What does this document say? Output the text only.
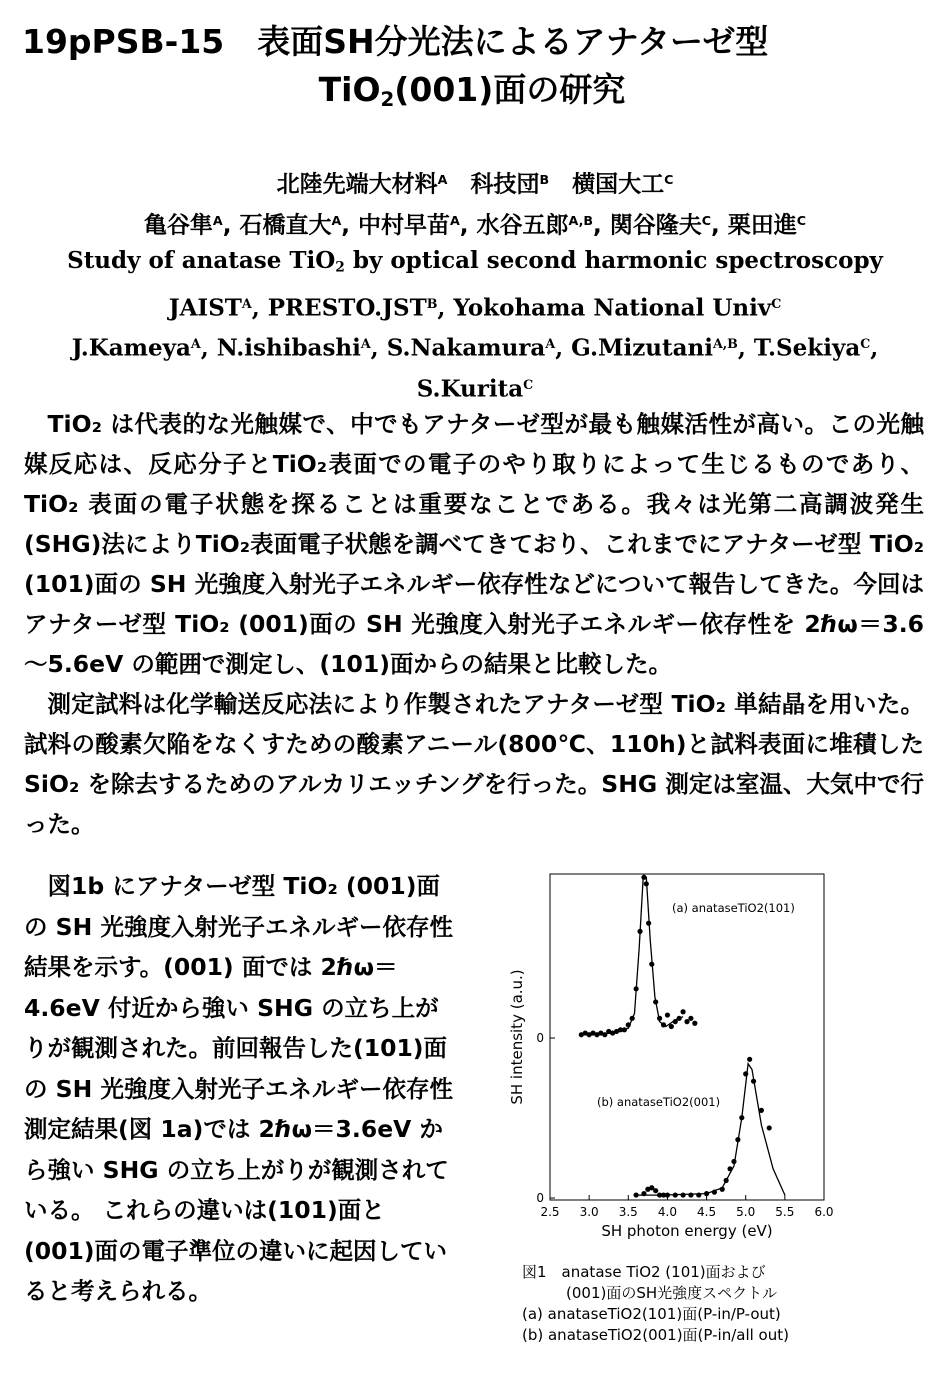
19pPSB-15　表面SH分光法によるアナターゼ型
TiO$_2$(001)面の研究
北陸先端大材料$^A$　 科技団$^B$　 横国大工$^C$
亀谷隼$^A$, 石橋直大$^A$, 中村早苗$^A$, 水谷五郎$^{A,B}$, 関谷隆夫$^C$, 栗田進$^C$
Study of anatase TiO$_2$ by optical second harmonic spectroscopy
$JAIST^A$, $PRESTO.JST^B$, Yokohama National Univ$^C$
J.Kameya$^A$, N.ishibashi$^A$, S.Nakamura$^A$, G.Mizutani$^{A,B}$, T.Sekiya$^C$,
S.Kurita$^C$

TiO₂ は代表的な光触媒で、中でもアナターゼ型が最も触媒活性が高い。この光触媒反応は、反応分子とTiO₂表面での電子のやり取りによって生じるものであり、TiO₂ 表面の電子状態を探ることは重要なことである。我々は光第二高調波発生(SHG)法によりTiO₂表面電子状態を調べてきており、これまでにアナターゼ型 TiO₂ (101)面の SH 光強度入射光子エネルギー依存性などについて報告してきた。今回はアナターゼ型 TiO₂ (001)面の SH 光強度入射光子エネルギー依存性を 2ℏω＝3.6～5.6eV の範囲で測定し、(101)面からの結果と比較した。

測定試料は化学輸送反応法により作製されたアナターゼ型 TiO₂ 単結晶を用いた。試料の酸素欠陥をなくすための酸素アニール(800℃、110h)と試料表面に堆積した SiO₂ を除去するためのアルカリエッチングを行った。SHG 測定は室温、大気中で行った。

図1b にアナターゼ型 TiO₂ (001)面の SH 光強度入射光子エネルギー依存性結果を示す。(001) 面では 2ℏω＝4.6eV 付近から強い SHG の立ち上がりが観測された。前回報告した(101)面の SH 光強度入射光子エネルギー依存性測定結果(図 1a)では 2ℏω＝3.6eV から強い SHG の立ち上がりが観測されている。 これらの違いは(101)面と (001)面の電子準位の違いに起因していると考えられる。

2.5 3.0 3.5 4.0 4.5 5.0 5.5 6.0
SH photon energy (eV)
SH intensity (a.u.) 0
0
(a) anataseTiO2(101)
(b) anataseTiO2(001)
図1　anatase TiO2 (101)面および
(001)面のSH光強度スペクトル
(a) anataseTiO2(101)面(P-in/P-out)
(b) anataseTiO2(001)面(P-in/all out)
